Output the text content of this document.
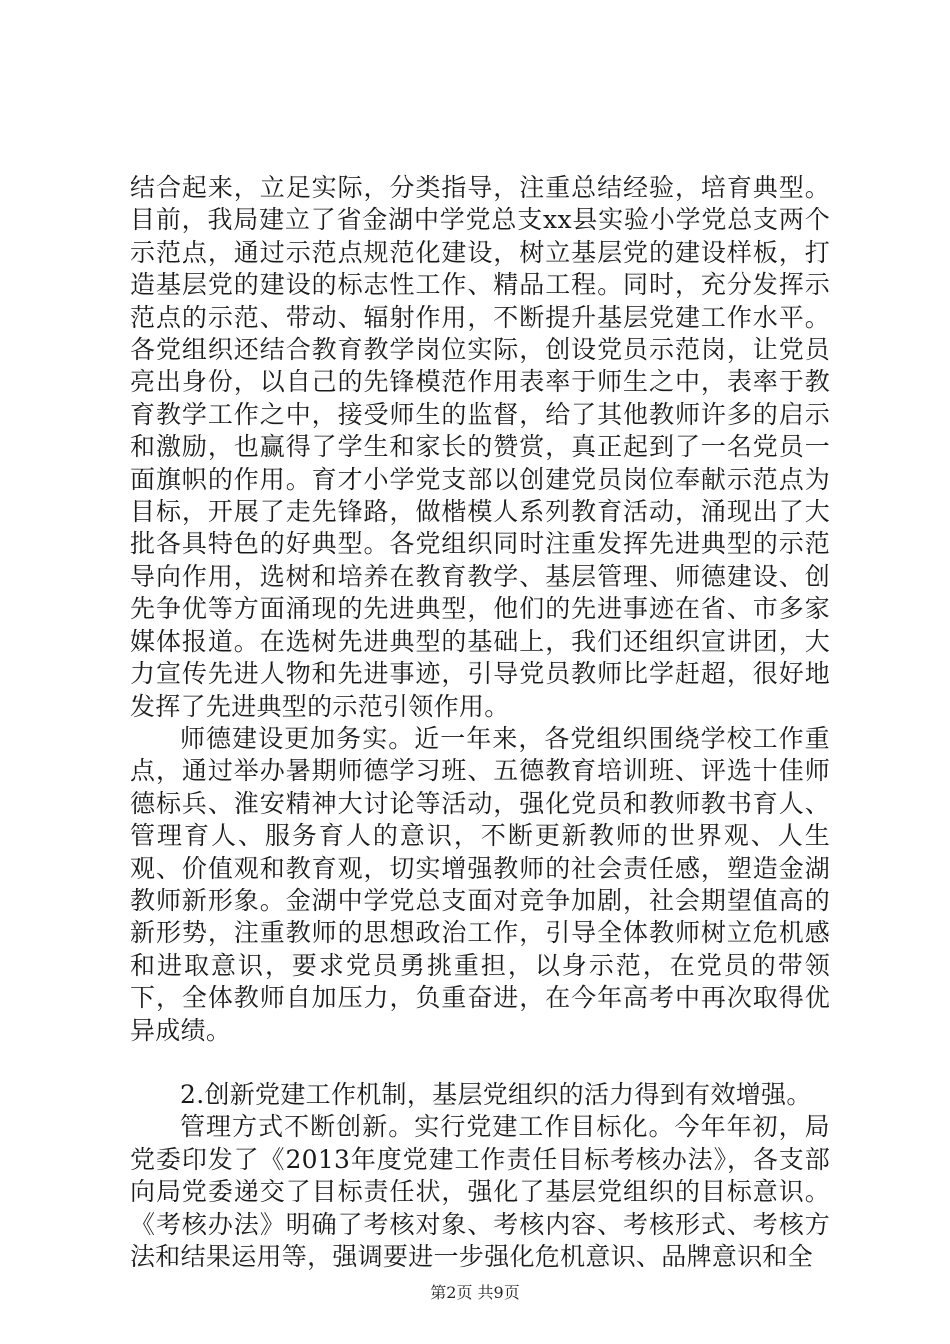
结合起来，立足实际，分类指导，注重总结经验，培育典型。目前，我局建立了省金湖中学党总支xx县实验小学党总支两个示范点，通过示范点规范化建设，树立基层党的建设样板，打造基层党的建设的标志性工作、精品工程。同时，充分发挥示范点的示范、带动、辐射作用，不断提升基层党建工作水平。各党组织还结合教育教学岗位实际，创设党员示范岗，让党员亮出身份，以自己的先锋模范作用表率于师生之中，表率于教育教学工作之中，接受师生的监督，给了其他教师许多的启示和激励，也赢得了学生和家长的赞赏，真正起到了一名党员一面旗帜的作用。育才小学党支部以创建党员岗位奉献示范点为目标，开展了走先锋路，做楷模人系列教育活动，涌现出了大批各具特色的好典型。各党组织同时注重发挥先进典型的示范导向作用，选树和培养在教育教学、基层管理、师德建设、创先争优等方面涌现的先进典型，他们的先进事迹在省、市多家媒体报道。在选树先进典型的基础上，我们还组织宣讲团，大力宣传先进人物和先进事迹，引导党员教师比学赶超，很好地发挥了先进典型的示范引领作用。

师德建设更加务实。近一年来，各党组织围绕学校工作重点，通过举办暑期师德学习班、五德教育培训班、评选十佳师德标兵、淮安精神大讨论等活动，强化党员和教师教书育人、管理育人、服务育人的意识，不断更新教师的世界观、人生观、价值观和教育观，切实增强教师的社会责任感，塑造金湖教师新形象。金湖中学党总支面对竞争加剧，社会期望值高的新形势，注重教师的思想政治工作，引导全体教师树立危机感和进取意识，要求党员勇挑重担，以身示范，在党员的带领下，全体教师自加压力，负重奋进，在今年高考中再次取得优异成绩。

2.创新党建工作机制，基层党组织的活力得到有效增强。

管理方式不断创新。实行党建工作目标化。今年年初，局党委印发了《2013年度党建工作责任目标考核办法》，各支部向局党委递交了目标责任状，强化了基层党组织的目标意识。《考核办法》明确了考核对象、考核内容、考核形式、考核方法和结果运用等，强调要进一步强化危机意识、品牌意识和全

第2页 共9页
